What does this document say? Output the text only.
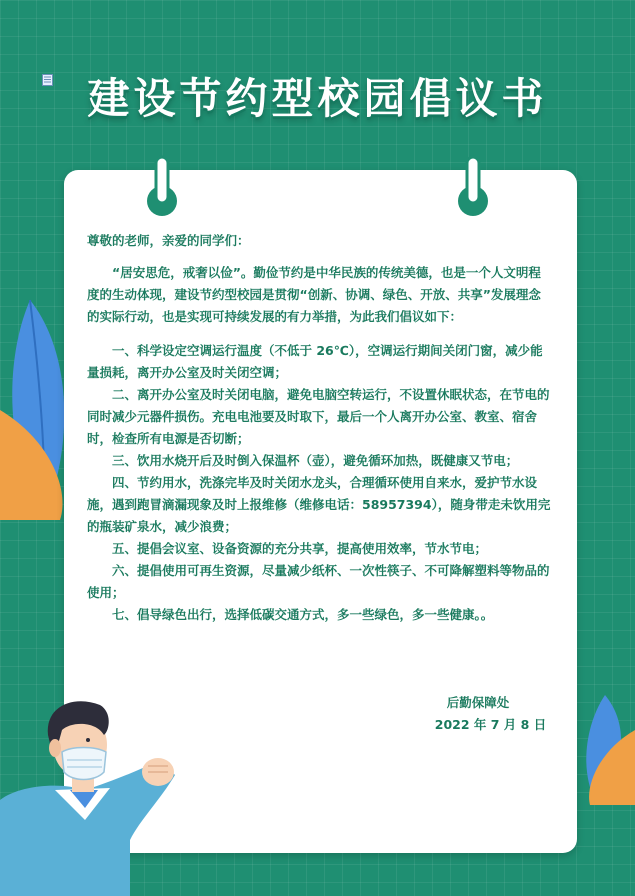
建设节约型校园倡议书

尊敬的老师，亲爱的同学们：

“居安思危，戒奢以俭”。勤俭节约是中华民族的传统美德，也是一个人文明程度的生动体现，建设节约型校园是贯彻“创新、协调、绿色、开放、共享”发展理念的实际行动，也是实现可持续发展的有力举措，为此我们倡议如下：

一、科学设定空调运行温度（不低于 26℃），空调运行期间关闭门窗，减少能量损耗，离开办公室及时关闭空调；

二、离开办公室及时关闭电脑，避免电脑空转运行，不设置休眠状态，在节电的同时减少元器件损伤。充电电池要及时取下，最后一个人离开办公室、教室、宿舍时，检查所有电源是否切断；

三、饮用水烧开后及时倒入保温杯（壶），避免循环加热，既健康又节电；

四、节约用水，洗涤完毕及时关闭水龙头，合理循环使用自来水，爱护节水设施，遇到跑冒滴漏现象及时上报维修（维修电话：58957394），随身带走未饮用完的瓶装矿泉水，减少浪费；

五、提倡会议室、设备资源的充分共享，提高使用效率，节水节电；

六、提倡使用可再生资源，尽量减少纸杯、一次性筷子、不可降解塑料等物品的使用；

七、倡导绿色出行，选择低碳交通方式，多一些绿色，多一些健康。。

后勤保障处
2022 年 7 月 8 日
